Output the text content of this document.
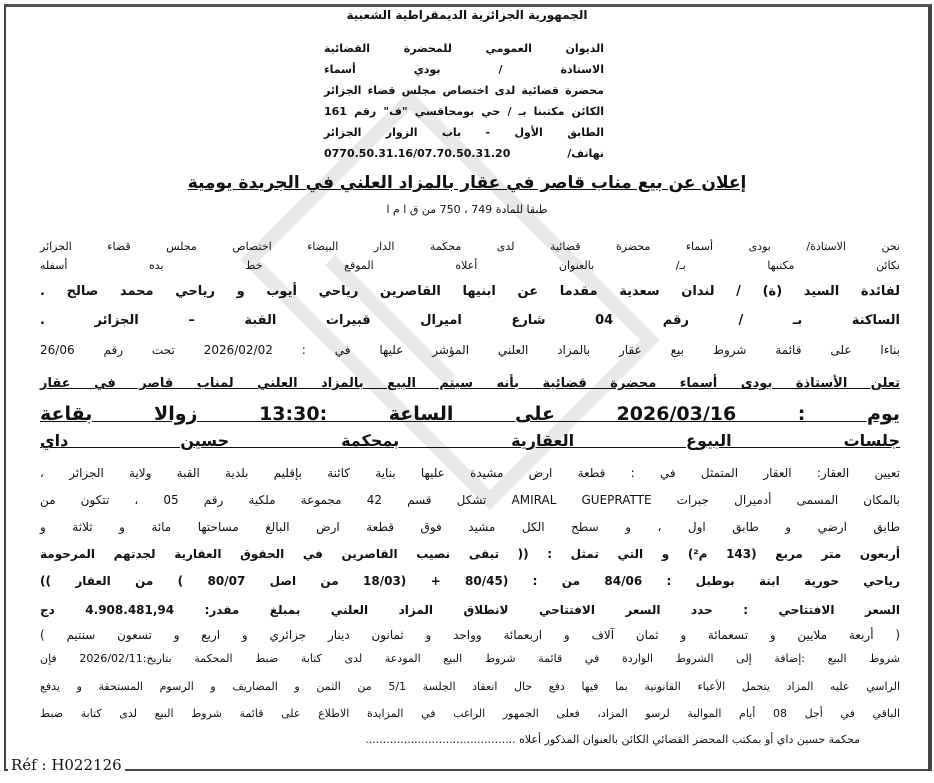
الجمهورية الجزائرية الديمقراطية الشعبية
الديوان العمومي للمحضرة القضائية
الاستاذة / بودي أسماء
محضرة قضائية لدى اختصاص مجلس قضاء الجزائر
الكائن مكتبنا بـ / حي بومحاقسي "ف" رقم 161
الطابق الأول - باب الزوار الجزائر
نهاتف/ 0770.50.31.16/07.70.50.31.20
إعلان عن بيع مناب قاصر في عقار بالمزاد العلني في الجريدة يومية
طبقا للمادة 749 ، 750 من ق ا م ا
نحن الاستاذة/ بودى أسماء محضرة قضائية لدى محكمة الدار البيضاء اختصاص مجلس قضاء الجزائر
نكائن مكتبها بـ/ بالعنوان أعلاه الموقع خط يده أسفله
لفائدة السيد (ة) / لندان سعدية مقدما عن ابنيها القاصرين رياحي أيوب و رياحي محمد صالح .
الساكنة بـ / رقم 04 شارع اميرال قبيرات القبة – الجزائر .
بناءا على قائمة شروط بيع عقار بالمزاد العلني المؤشر عليها في : 2026/02/02 تحت رقم 26/06
تعلن الأستاذة بودى أسماء محضرة قضائية بأنه سيتم البيع بالمزاد العلني لمناب قاصر في عقار
يوم : 2026/03/16 على الساعة :13:30 زوالا بقاعة
جلسات البيوع العقارية بمحكمة حسين داي
تعيين العقار: العقار المتمثل في : قطعة ارض مشيدة عليها بناية كائنة بإقليم بلدية القبة ولاية الجزائر ،
بالمكان المسمى أدميرال جبرات AMIRAL GUEPRATTE تشكل قسم 42 مجموعة ملكية رقم 05 ، تتكون من
طابق ارضي و طابق اول ، و سطح الكل مشيد فوق قطعة ارض البالغ مساحتها مائة و ثلاثة و
أربعون متر مربع (143 م²) و التي تمثل : (( تبقى نصيب القاصرين في الحقوق العقارية لجدتهم المرحومة
رياحي حورية ابنة بوطبل : 84/06 من : (80/45 + (18/03 من اصل 80/07 ) من العقار ))
السعر الافتتاحي : حدد السعر الافتتاحي لانطلاق المزاد العلني بمبلغ مقدر: 4.908.481,94 دج
( أربعة ملايين و تسعمائة و ثمان آلاف و اربعمائة وواحد و ثمانون دينار جزائري و اربع و تسعون سنتيم )
شروط البيع :إضافة إلى الشروط الواردة في قائمة شروط البيع المودعة لدى كتابة ضبط المحكمة بتاريخ:2026/02/11 فإن
الراسي عليه المزاد يتحمل الأعباء القانونية بما فيها دفع حال انعقاد الجلسة 5/1 من الثمن و المصاريف و الرسوم المستحقة و يدفع
الباقي في أجل 08 أيام الموالية لرسو المزاد، فعلى الجمهور الراغب في المزايدة الاطلاع على قائمة شروط البيع لدى كتابة ضبط
محكمة حسين داي أو بمكتب المحضر القضائي الكائن بالعنوان المذكور أعلاه ...........................................
Réf : H022126
